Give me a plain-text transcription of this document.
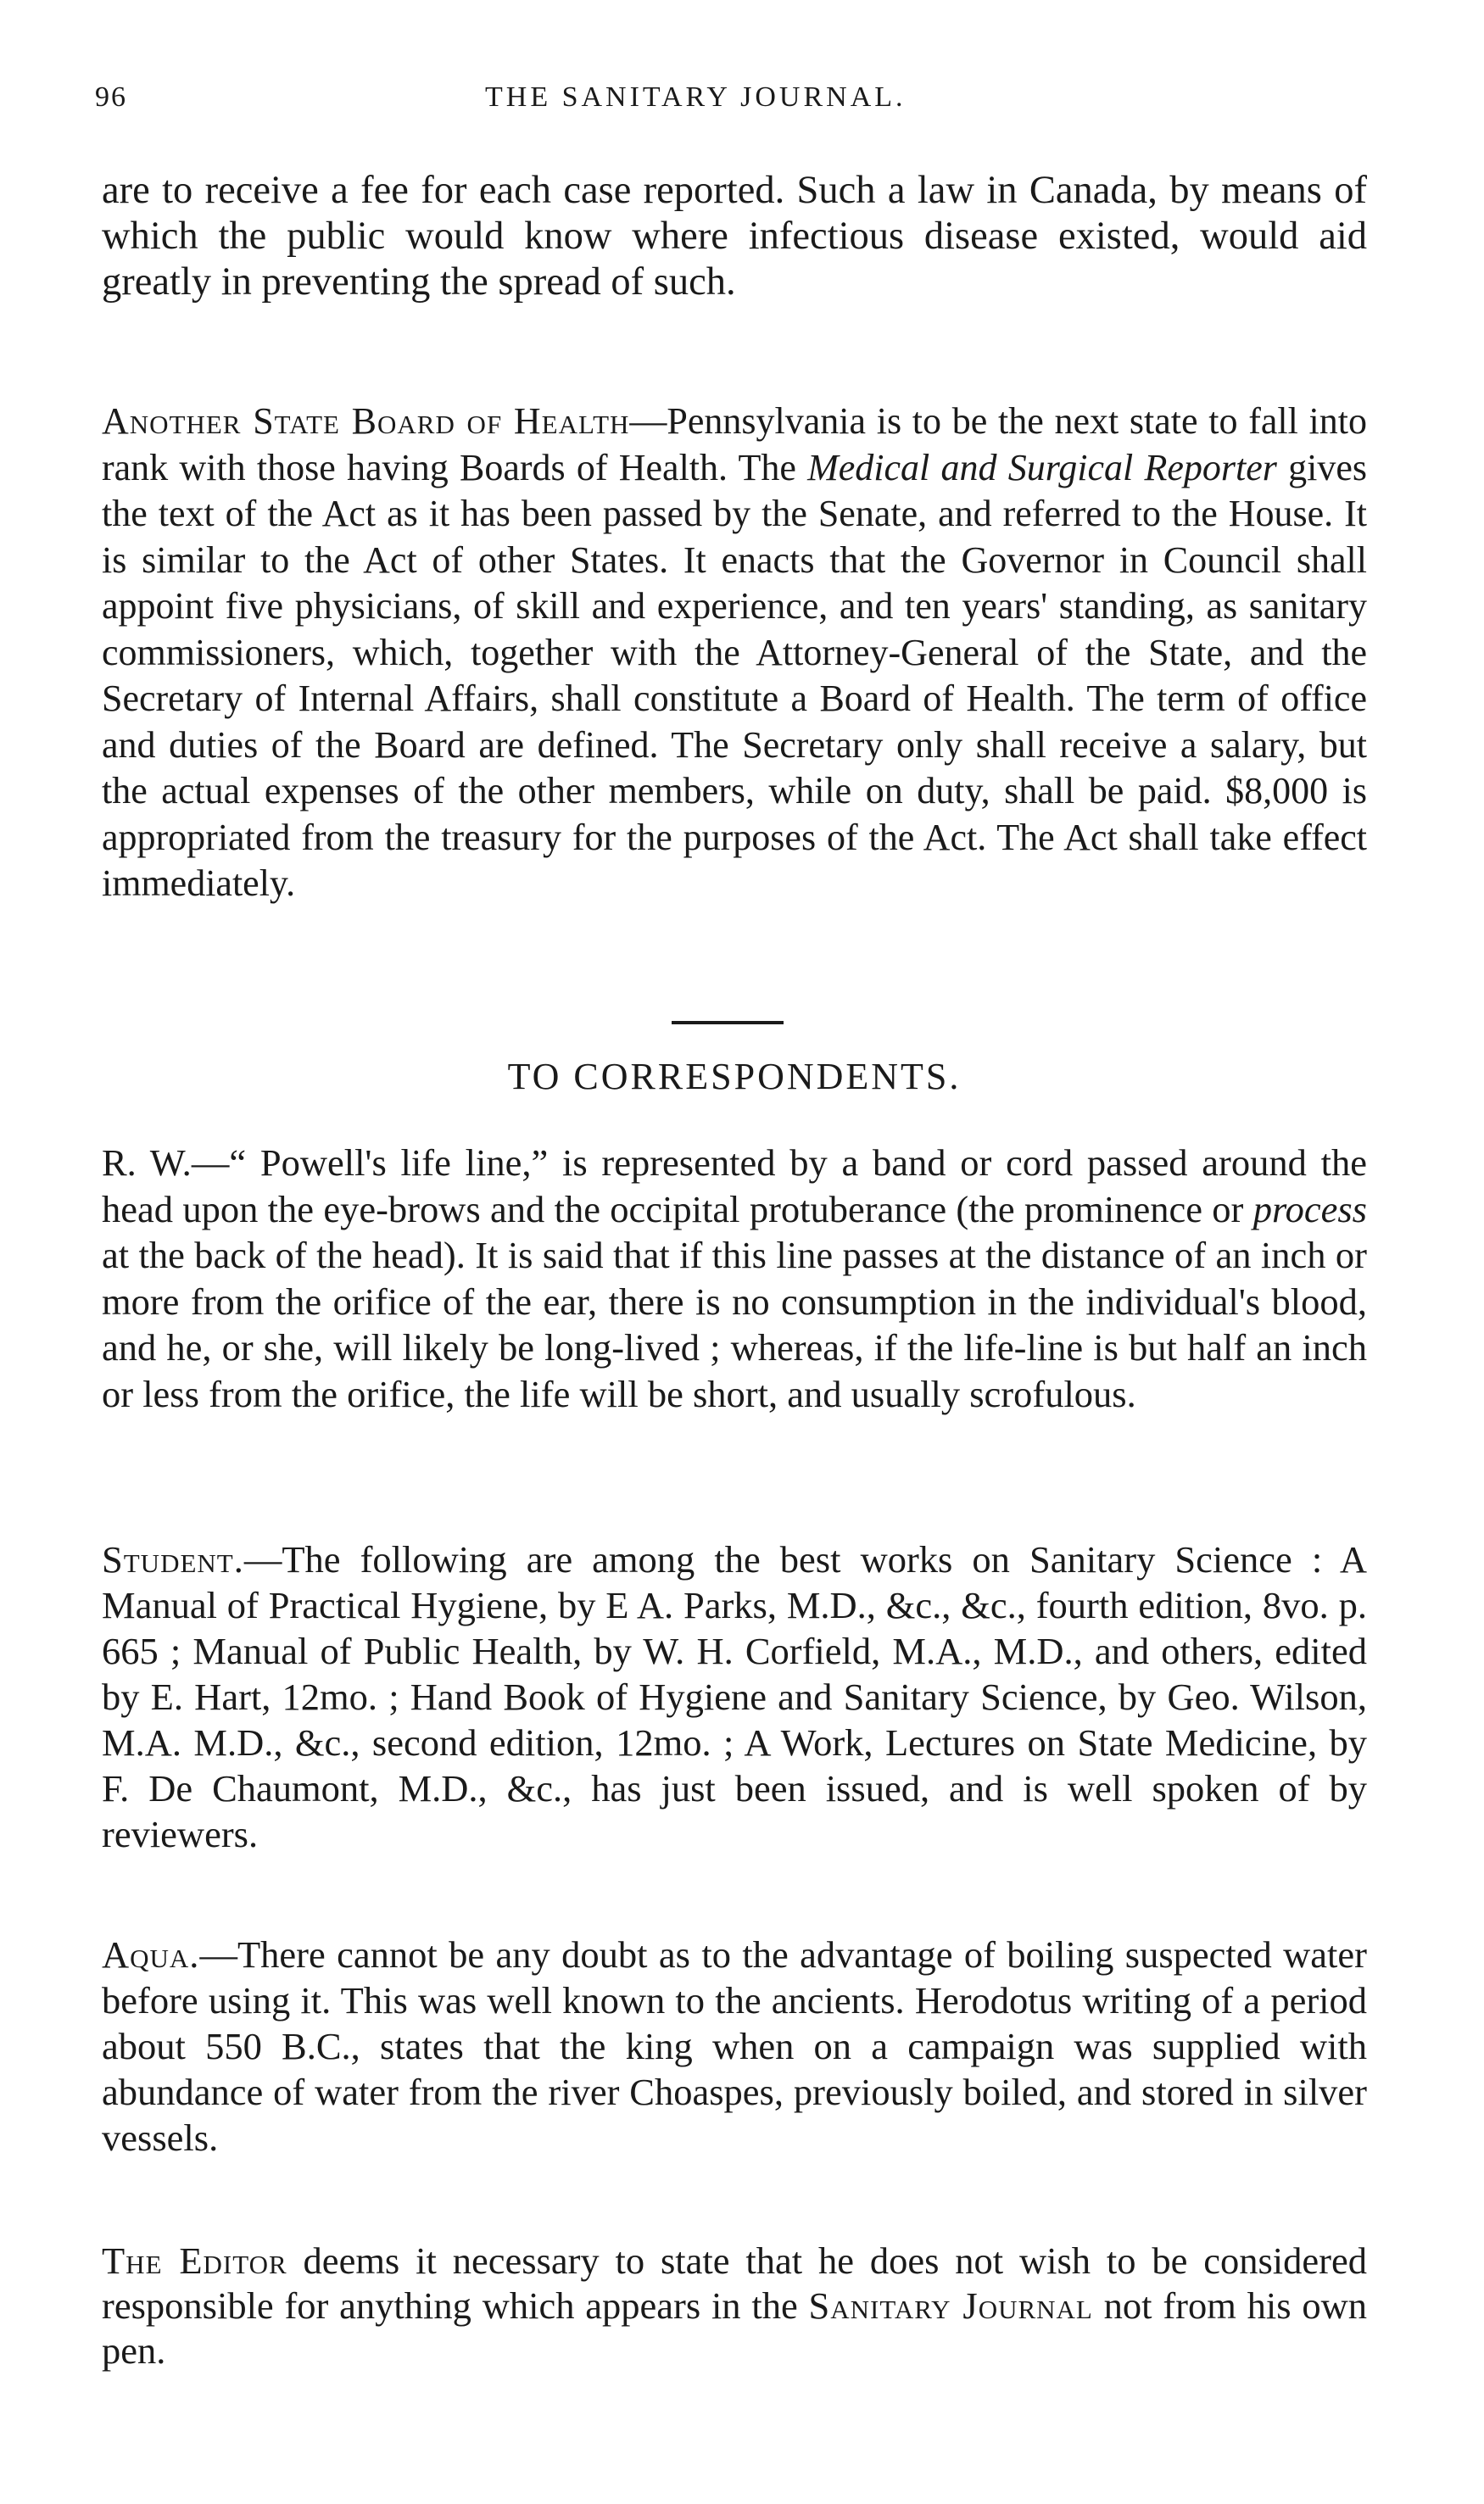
96	THE SANITARY JOURNAL.

are to receive a fee for each case reported. Such a law in Canada, by means of which the public would know where infectious disease existed, would aid greatly in preventing the spread of such.

Another State Board of Health—Pennsylvania is to be the next state to fall into rank with those having Boards of Health. The Medical and Surgical Reporter gives the text of the Act as it has been passed by the Senate, and referred to the House. It is similar to the Act of other States. It enacts that the Governor in Council shall appoint five physicians, of skill and experience, and ten years' standing, as sanitary commissioners, which, together with the Attorney-General of the State, and the Secretary of Internal Affairs, shall constitute a Board of Health. The term of office and duties of the Board are defined. The Secretary only shall receive a salary, but the actual expenses of the other members, while on duty, shall be paid. $8,000 is appropriated from the treasury for the purposes of the Act. The Act shall take effect immediately.

TO CORRESPONDENTS.

R. W.—“ Powell's life line,” is represented by a band or cord passed around the head upon the eye-brows and the occipital protuberance (the prominence or process at the back of the head). It is said that if this line passes at the distance of an inch or more from the orifice of the ear, there is no consumption in the individual's blood, and he, or she, will likely be long-lived ; whereas, if the life-line is but half an inch or less from the orifice, the life will be short, and usually scrofulous.

Student.—The following are among the best works on Sanitary Science : A Manual of Practical Hygiene, by E A. Parks, M.D., &c., &c., fourth edition, 8vo. p. 665 ; Manual of Public Health, by W. H. Corfield, M.A., M.D., and others, edited by E. Hart, 12mo. ; Hand Book of Hygiene and Sanitary Science, by Geo. Wilson, M.A. M.D., &c., second edition, 12mo. ; A Work, Lectures on State Medicine, by F. De Chaumont, M.D., &c., has just been issued, and is well spoken of by reviewers.

Aqua.—There cannot be any doubt as to the advantage of boiling suspected water before using it. This was well known to the ancients. Herodotus writing of a period about 550 B.C., states that the king when on a campaign was supplied with abundance of water from the river Choaspes, previously boiled, and stored in silver vessels.

The Editor deems it necessary to state that he does not wish to be considered responsible for anything which appears in the Sanitary Journal not from his own pen.
